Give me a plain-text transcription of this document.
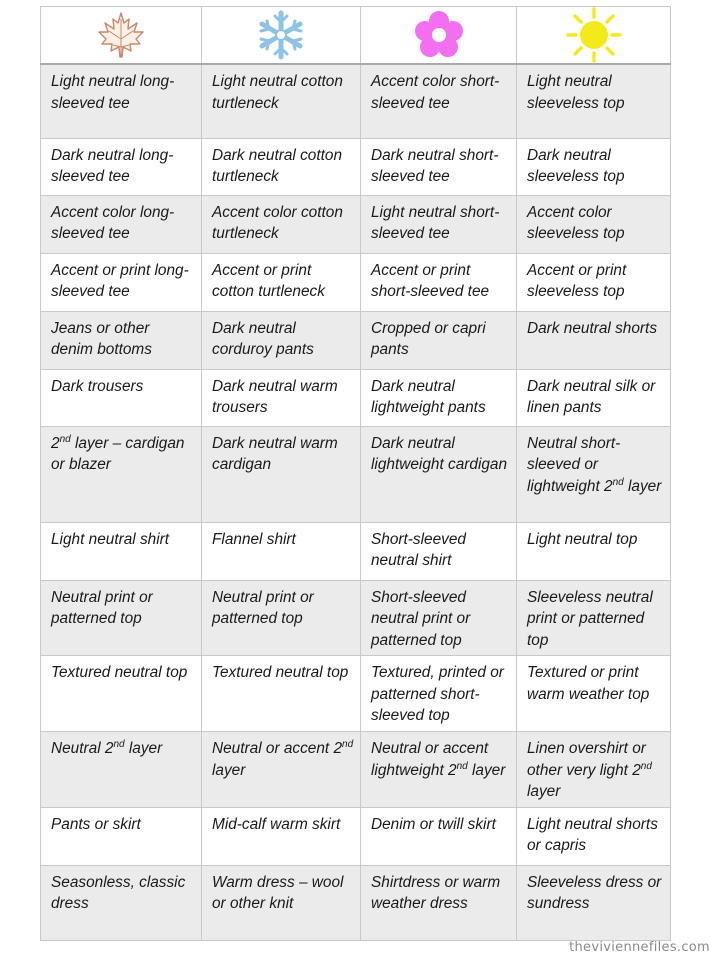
Light neutral long-sleeved tee	Light neutral cotton turtleneck	Accent color short-sleeved tee	Light neutral sleeveless top
Dark neutral long-sleeved tee	Dark neutral cotton turtleneck	Dark neutral short-sleeved tee	Dark neutral sleeveless top
Accent color long-sleeved tee	Accent color cotton turtleneck	Light neutral short-sleeved tee	Accent color sleeveless top
Accent or print long-sleeved tee	Accent or print cotton turtleneck	Accent or print short-sleeved tee	Accent or print sleeveless top
Jeans or other denim bottoms	Dark neutral corduroy pants	Cropped or capri pants	Dark neutral shorts
Dark trousers	Dark neutral warm trousers	Dark neutral lightweight pants	Dark neutral silk or linen pants
2nd layer – cardigan or blazer	Dark neutral warm cardigan	Dark neutral lightweight cardigan	Neutral short-sleeved or lightweight 2nd layer
Light neutral shirt	Flannel shirt	Short-sleeved neutral shirt	Light neutral top
Neutral print or patterned top	Neutral print or patterned top	Short-sleeved neutral print or patterned top	Sleeveless neutral print or patterned top
Textured neutral top	Textured neutral top	Textured, printed or patterned short-sleeved top	Textured or print warm weather top
Neutral 2nd layer	Neutral or accent 2nd layer	Neutral or accent lightweight 2nd layer	Linen overshirt or other very light 2nd layer
Pants or skirt	Mid-calf warm skirt	Denim or twill skirt	Light neutral shorts or capris
Seasonless, classic dress	Warm dress – wool or other knit	Shirtdress or warm weather dress	Sleeveless dress or sundress
theviviennefiles.com
